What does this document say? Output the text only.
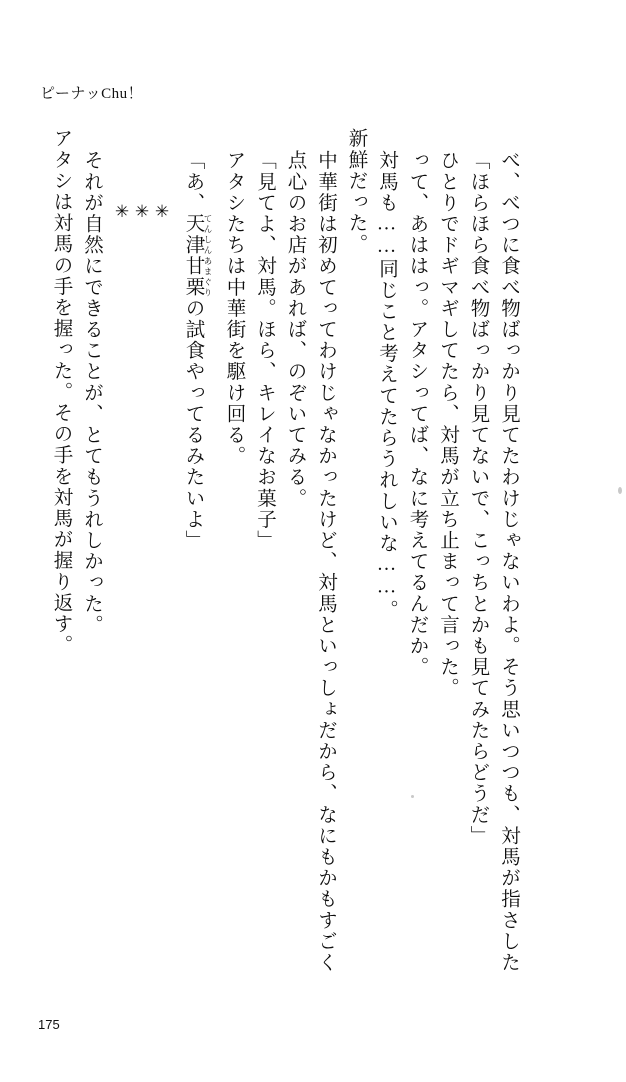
ピーナッChu！
アタシは対馬の手を握った。その手を対馬が握り返す。 それが自然にできることが、とてもうれしかった。	✳
✳
✳	「あ、天津甘栗 てんしんあまぐりの試食やってるみたいよ」	アタシたちは中華街を駆け回る。 「見てよ、対馬。ほら、キレイなお菓子」 点心のお店があれば、のぞいてみる。 中華街は初めてってわけじゃなかったけど、対馬といっしょだから、なにもかもすごく 新鮮だった。 対馬も……同じこと考えてたらうれしいな……。 って、あははっ。アタシってば、なに考えてるんだか。 ひとりでドギマギしてたら、対馬が立ち止まって言った。 「ほらほら食べ物ばっかり見てないで、こっちとかも見てみたらどうだ」 べ、べつに食べ物ばっかり見てたわけじゃないわよ。そう思いつつも、対馬が指さした
175
